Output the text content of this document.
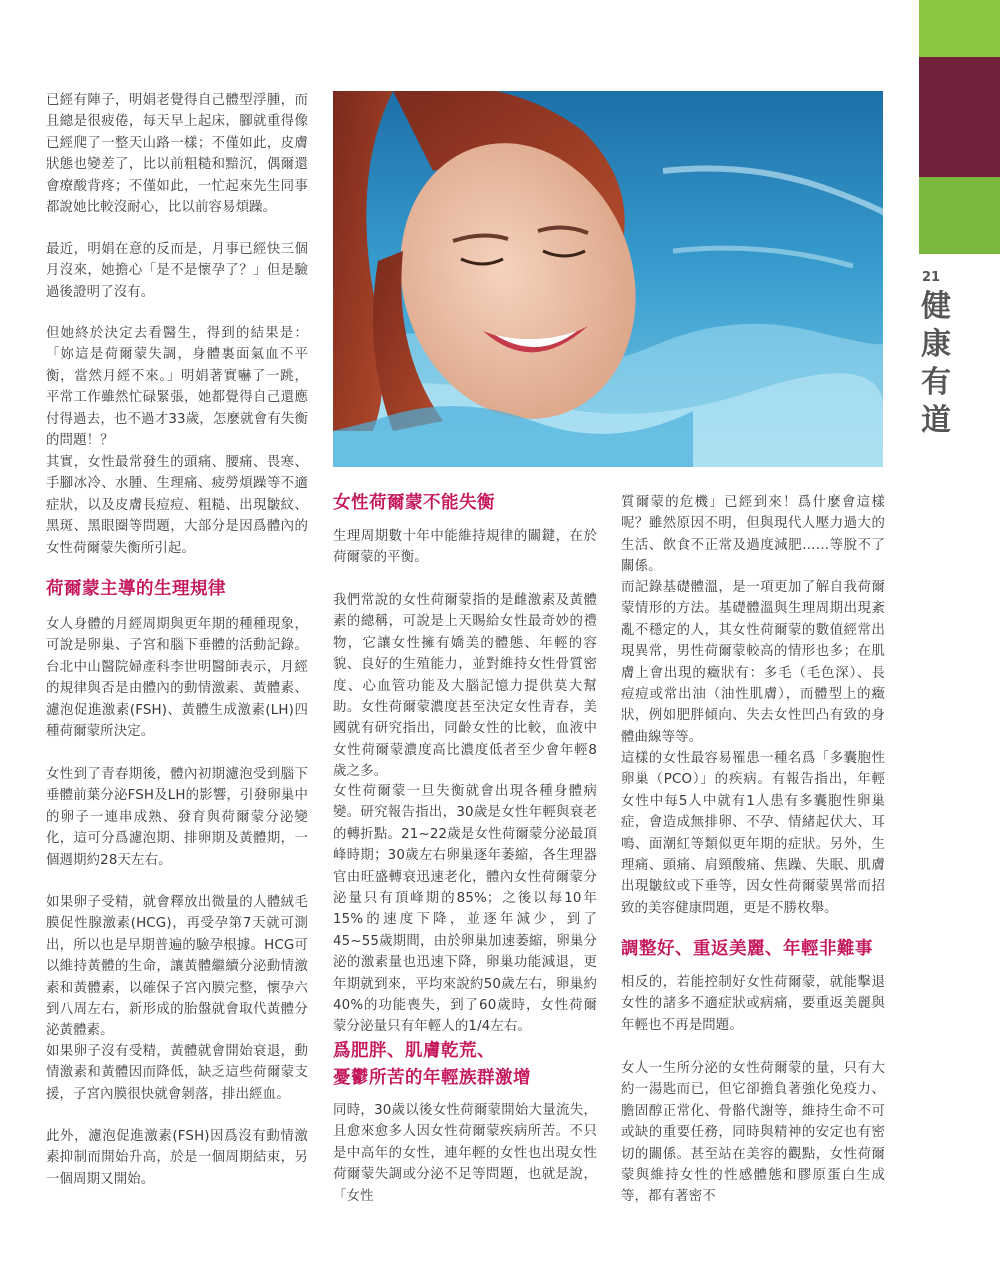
21
健
康
有
道

已經有陣子，明娟老覺得自己體型浮腫，而且總是很疲倦，每天早上起床，腳就重得像已經爬了一整天山路一樣；不僅如此，皮膚狀態也變差了，比以前粗糙和黯沉，偶爾還會療酸背疼；不僅如此，一忙起來先生同事都說她比較沒耐心，比以前容易煩躁。

最近，明娟在意的反而是，月事已經快三個月沒來，她擔心「是不是懷孕了？」但是驗過後證明了沒有。

但她終於決定去看醫生，得到的結果是：「妳這是荷爾蒙失調，身體裏面氣血不平衡，當然月經不來。」明娟著實嚇了一跳，平常工作雖然忙碌緊張，她都覺得自己還應付得過去，也不過才33歲，怎麼就會有失衡的問題！？

其實，女性最常發生的頭痛、腰痛、畏寒、手腳冰冷、水腫、生理痛、疲勞煩躁等不適症狀，以及皮膚長痘痘、粗糙、出現皺紋、黑斑、黑眼圈等問題，大部分是因爲體內的女性荷爾蒙失衡所引起。

荷爾蒙主導的生理規律

女人身體的月經周期與更年期的種種現象，可說是卵巢、子宮和腦下垂體的活動記錄。台北中山醫院婦產科李世明醫師表示，月經的規律與否是由體內的動情激素、黃體素、濾泡促進激素(FSH)、黃體生成激素(LH)四種荷爾蒙所決定。

女性到了青春期後，體內初期濾泡受到腦下垂體前葉分泌FSH及LH的影響，引發卵巢中的卵子一連串成熟、發育與荷爾蒙分泌變化，這可分爲濾泡期、排卵期及黃體期，一個週期約28天左右。

如果卵子受精，就會釋放出微量的人體絨毛膜促性腺激素(HCG)，再受孕第7天就可測出，所以也是早期普遍的驗孕根據。HCG可以維持黃體的生命，讓黃體繼續分泌動情激素和黃體素，以確保子宮內膜完整，懷孕六到八周左右，新形成的胎盤就會取代黃體分泌黃體素。

如果卵子沒有受精，黃體就會開始衰退，動情激素和黃體因而降低，缺乏這些荷爾蒙支援，子宮內膜很快就會剝落，排出經血。

此外，濾泡促進激素(FSH)因爲沒有動情激素抑制而開始升高，於是一個周期結束，另一個周期又開始。

女性荷爾蒙不能失衡

生理周期數十年中能維持規律的關鍵，在於荷爾蒙的平衡。

我們常說的女性荷爾蒙指的是雌激素及黃體素的總稱，可說是上天賜給女性最奇妙的禮物，它讓女性擁有嬌美的體態、年輕的容貌、良好的生殖能力，並對維持女性骨質密度、心血管功能及大腦記憶力提供莫大幫助。女性荷爾蒙濃度甚至決定女性青春，美國就有研究指出，同齡女性的比較，血液中女性荷爾蒙濃度高比濃度低者至少會年輕8歲之多。

女性荷爾蒙一旦失衡就會出現各種身體病變。研究報告指出，30歲是女性年輕與衰老的轉折點。21~22歲是女性荷爾蒙分泌最頂峰時期；30歲左右卵巢逐年萎縮，各生理器官由旺盛轉衰迅速老化，體內女性荷爾蒙分泌量只有頂峰期的85%；之後以每10年15%的速度下降，並逐年減少，到了45~55歲期間，由於卵巢加速萎縮，卵巢分泌的激素量也迅速下降，卵巢功能減退，更年期就到來，平均來說約50歲左右，卵巢約40%的功能喪失，到了60歲時，女性荷爾蒙分泌量只有年輕人的1/4左右。

爲肥胖、肌膚乾荒、
憂鬱所苦的年輕族群激增

同時，30歲以後女性荷爾蒙開始大量流失，且愈來愈多人因女性荷爾蒙疾病所苦。不只是中高年的女性，連年輕的女性也出現女性荷爾蒙失調或分泌不足等問題，也就是說，「女性

質爾蒙的危機」已經到來！爲什麼會這樣呢？雖然原因不明，但與現代人壓力過大的生活、飲食不正常及過度減肥……等脫不了關係。

而記錄基礎體溫，是一項更加了解自我荷爾蒙情形的方法。基礎體溫與生理周期出現紊亂不穩定的人，其女性荷爾蒙的數值經常出現異常，男性荷爾蒙較高的情形也多；在肌膚上會出現的癥狀有：多毛（毛色深）、長痘痘或常出油（油性肌膚），而體型上的癥狀，例如肥胖傾向、失去女性凹凸有致的身體曲線等等。

這樣的女性最容易罹患一種名爲「多囊胞性卵巢（PCO）」的疾病。有報告指出，年輕女性中每5人中就有1人患有多囊胞性卵巢症，會造成無排卵、不孕、情緒起伏大、耳鳴、面潮紅等類似更年期的症狀。另外，生理痛、頭痛、肩頸酸痛、焦躁、失眠、肌膚出現皺紋或下垂等，因女性荷爾蒙異常而招致的美容健康問題，更是不勝枚舉。

調整好、重返美麗、年輕非難事

相反的，若能控制好女性荷爾蒙，就能擊退女性的諸多不適症狀或病痛，要重返美麗與年輕也不再是問題。

女人一生所分泌的女性荷爾蒙的量，只有大約一湯匙而已，但它卻擔負著強化免疫力、膽固醇正常化、骨骼代謝等，維持生命不可或缺的重要任務，同時與精神的安定也有密切的關係。甚至站在美容的觀點，女性荷爾蒙與維持女性的性感體態和膠原蛋白生成等，都有著密不
